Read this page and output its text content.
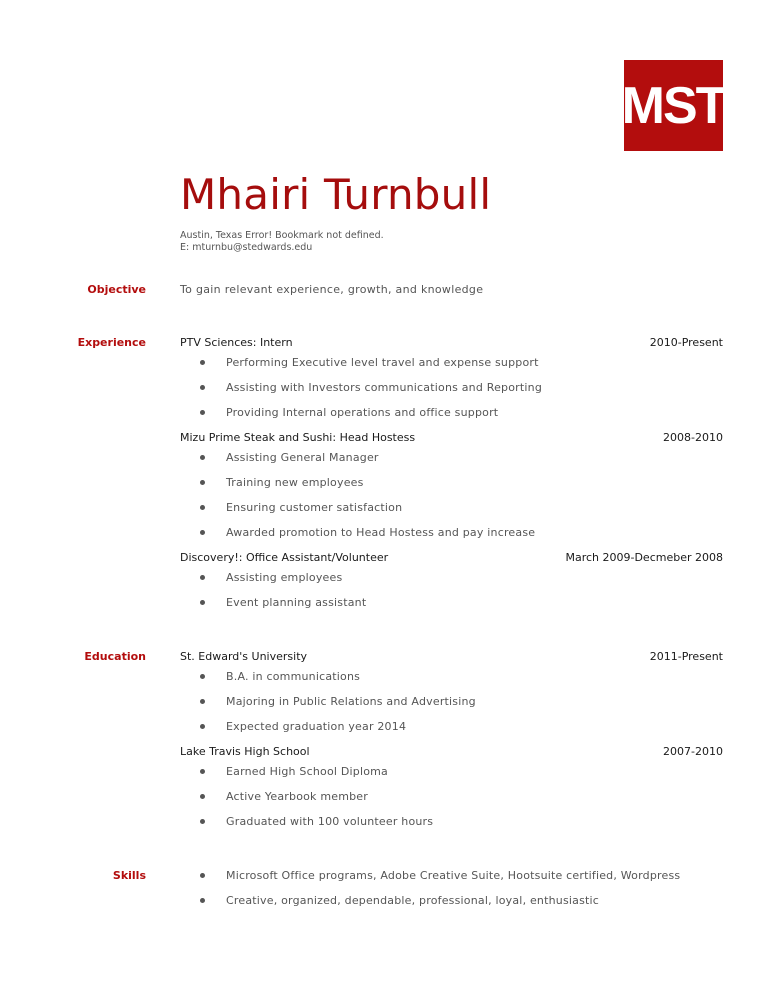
MST
Mhairi Turnbull
Austin, Texas Error! Bookmark not defined.
E: mturnbu@stedwards.edu
Objective	To gain relevant experience, growth, and knowledge
Experience	PTV Sciences: Intern	2010-Present
Performing Executive level travel and expense support
Assisting with Investors communications and Reporting
Providing Internal operations and office support
Mizu Prime Steak and Sushi: Head Hostess	2008-2010
Assisting General Manager
Training new employees
Ensuring customer satisfaction
Awarded promotion to Head Hostess and pay increase
Discovery!: Office Assistant/Volunteer	March 2009-Decmeber 2008
Assisting employees
Event planning assistant
Education	St. Edward's University	2011-Present
B.A. in communications
Majoring in Public Relations and Advertising
Expected graduation year 2014
Lake Travis High School	2007-2010
Earned High School Diploma
Active Yearbook member
Graduated with 100 volunteer hours
Skills	Microsoft Office programs, Adobe Creative Suite, Hootsuite certified, Wordpress
Creative, organized, dependable, professional, loyal, enthusiastic
